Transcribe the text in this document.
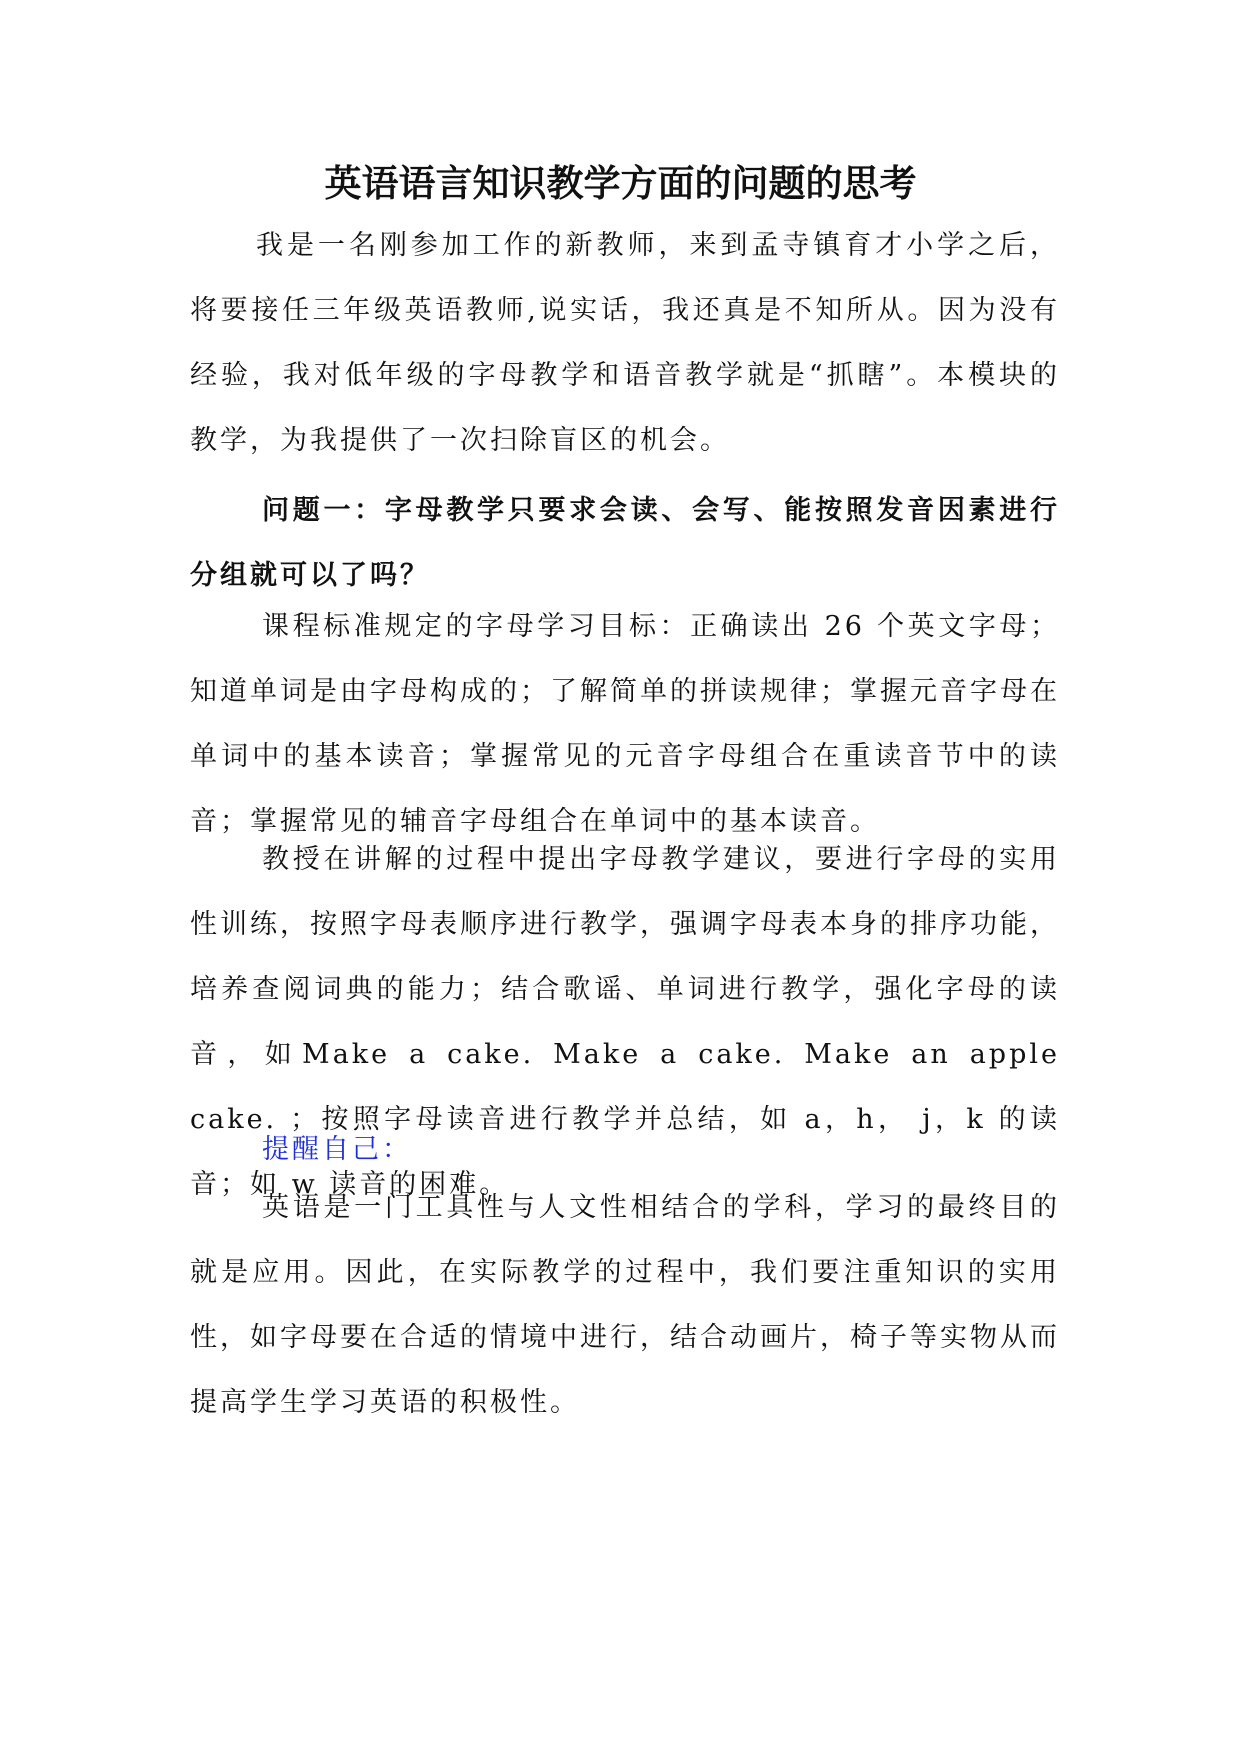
英语语言知识教学方面的问题的思考

我是一名刚参加工作的新教师，来到孟寺镇育才小学之后，将要接任三年级英语教师,说实话，我还真是不知所从。因为没有经验，我对低年级的字母教学和语音教学就是“抓瞎”。本模块的教学，为我提供了一次扫除盲区的机会。

问题一：字母教学只要求会读、会写、能按照发音因素进行分组就可以了吗？

课程标准规定的字母学习目标：正确读出 26 个英文字母；知道单词是由字母构成的；了解简单的拼读规律；掌握元音字母在单词中的基本读音；掌握常见的元音字母组合在重读音节中的读音；掌握常见的辅音字母组合在单词中的基本读音。

教授在讲解的过程中提出字母教学建议，要进行字母的实用性训练，按照字母表顺序进行教学，强调字母表本身的排序功能，培养查阅词典的能力；结合歌谣、单词进行教学，强化字母的读音，如Make a cake. Make a cake. Make an apple cake. ；按照字母读音进行教学并总结，如 a，h， j，k 的读音；如 w 读音的困难。

提醒自己：

英语是一门工具性与人文性相结合的学科，学习的最终目的就是应用。因此，在实际教学的过程中，我们要注重知识的实用性，如字母要在合适的情境中进行，结合动画片，椅子等实物从而提高学生学习英语的积极性。
